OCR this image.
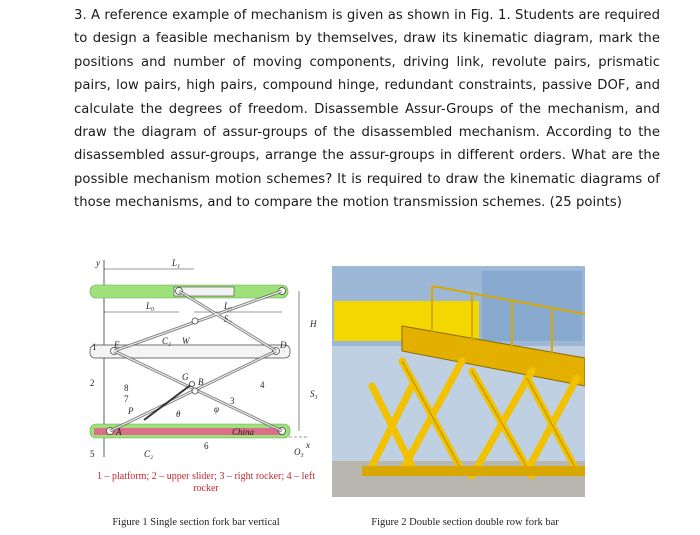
3. A reference example of mechanism is given as shown in Fig. 1. Students are required to design a feasible mechanism by themselves, draw its kinematic diagram, mark the positions and number of moving components, driving link, revolute pairs, prismatic pairs, low pairs, high pairs, compound hinge, redundant constraints, passive DOF, and calculate the degrees of freedom. Disassemble Assur-Groups of the mechanism, and draw the diagram of assur-groups of the disassembled mechanism. According to the disassembled assur-groups, arrange the assur-groups in different orders. What are the possible mechanism motion schemes? It is required to draw the kinematic diagrams of those mechanisms, and to compare the motion transmission schemes. (25 points)

y
x
L₁
L₀	L₀
S₂
E	D
C₁ W
China
G B
P	φ
θ
A
C₂	O₃
H
S₃
1
2
3
4
5
6
7
8
1 – platform; 2 – upper slider; 3 – right rocker; 4 – left rocker
Figure 1 Single section fork bar vertical	Figure 2 Double section double row fork bar
